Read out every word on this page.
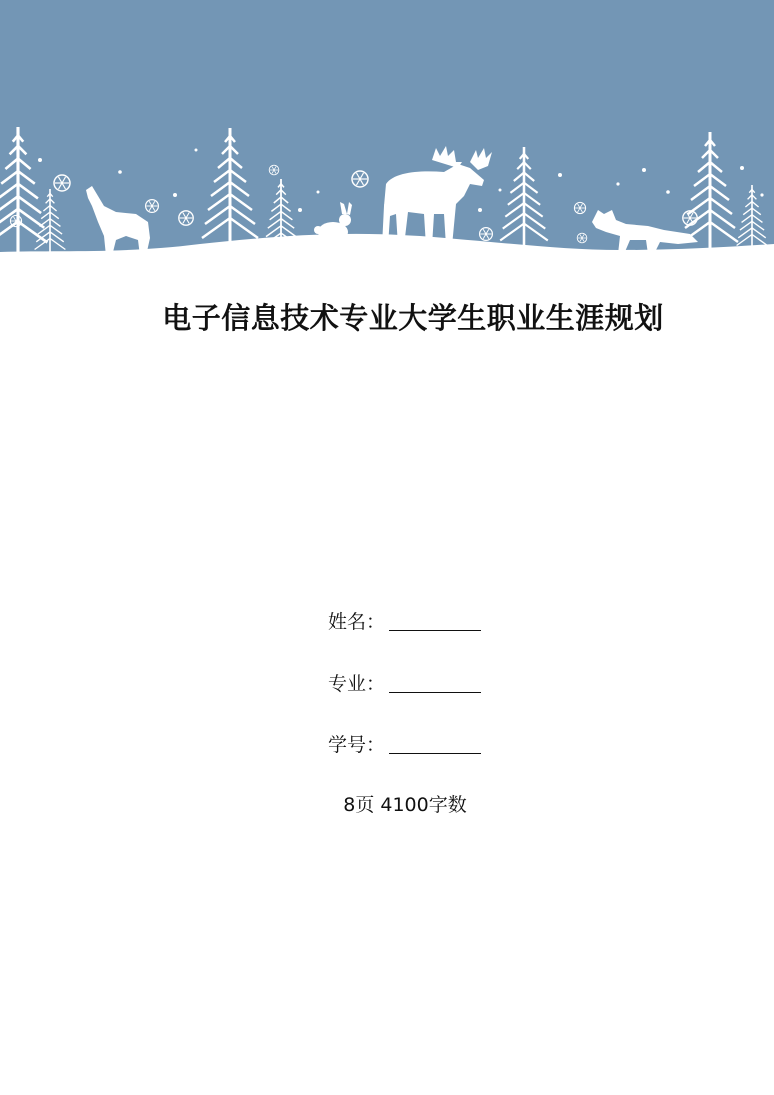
电子信息技术专业大学生职业生涯规划
姓名：
专业：
学号：
8页 4100字数
